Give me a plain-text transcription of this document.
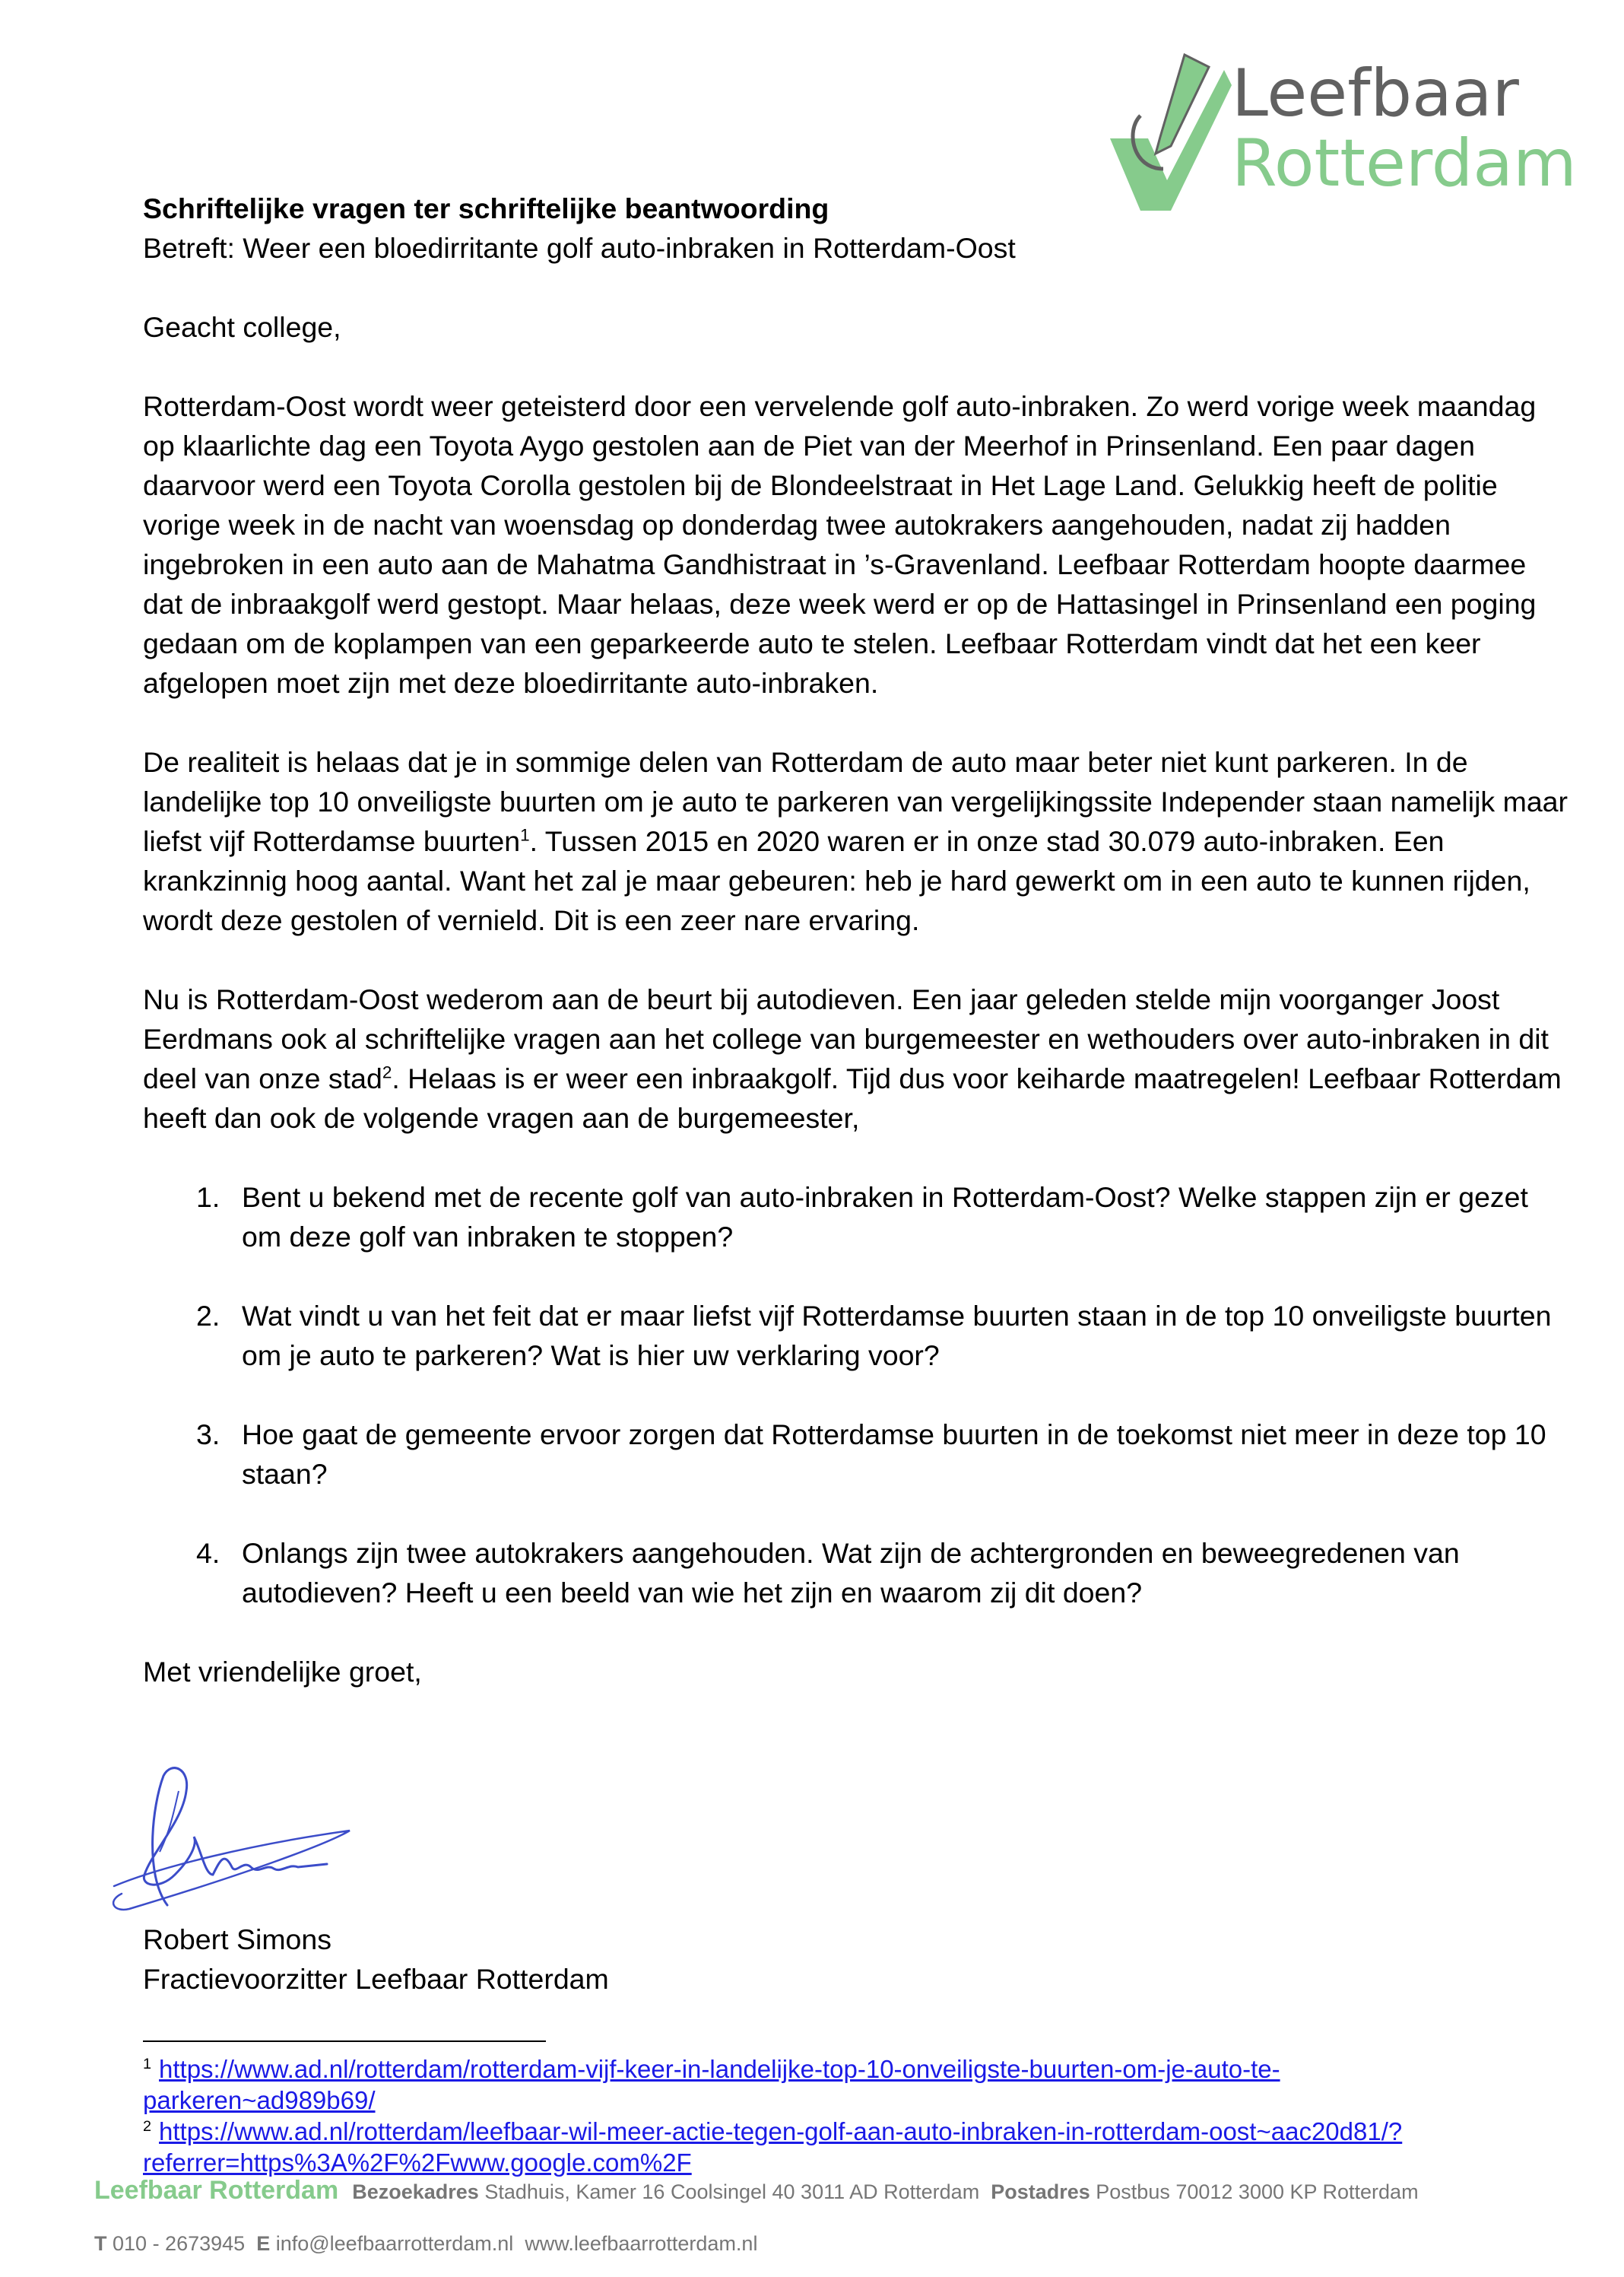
Leefbaar
Rotterdam

Schriftelijke vragen ter schriftelijke beantwoording

Betreft: Weer een bloedirritante golf auto-inbraken in Rotterdam-Oost

Geacht college,

Rotterdam-Oost wordt weer geteisterd door een vervelende golf auto-inbraken. Zo werd vorige week maandag op klaarlichte dag een Toyota Aygo gestolen aan de Piet van der Meerhof in Prinsenland. Een paar dagen daarvoor werd een Toyota Corolla gestolen bij de Blondeelstraat in Het Lage Land. Gelukkig heeft de politie vorige week in de nacht van woensdag op donderdag twee autokrakers aangehouden, nadat zij hadden ingebroken in een auto aan de Mahatma Gandhistraat in ’s-Gravenland. Leefbaar Rotterdam hoopte daarmee dat de inbraakgolf werd gestopt. Maar helaas, deze week werd er op de Hattasingel in Prinsenland een poging gedaan om de koplampen van een geparkeerde auto te stelen. Leefbaar Rotterdam vindt dat het een keer afgelopen moet zijn met deze bloedirritante auto-inbraken.

De realiteit is helaas dat je in sommige delen van Rotterdam de auto maar beter niet kunt parkeren. In de landelijke top 10 onveiligste buurten om je auto te parkeren van vergelijkingssite Independer staan namelijk maar liefst vijf Rotterdamse buurten$^1$. Tussen 2015 en 2020 waren er in onze stad 30.079 auto-inbraken. Een krankzinnig hoog aantal. Want het zal je maar gebeuren: heb je hard gewerkt om in een auto te kunnen rijden, wordt deze gestolen of vernield. Dit is een zeer nare ervaring.

Nu is Rotterdam-Oost wederom aan de beurt bij autodieven. Een jaar geleden stelde mijn voorganger Joost Eerdmans ook al schriftelijke vragen aan het college van burgemeester en wethouders over auto-inbraken in dit deel van onze stad$^2$. Helaas is er weer een inbraakgolf. Tijd dus voor keiharde maatregelen! Leefbaar Rotterdam heeft dan ook de volgende vragen aan de burgemeester,

1. Bent u bekend met de recente golf van auto-inbraken in Rotterdam-Oost? Welke stappen zijn er gezet om deze golf van inbraken te stoppen?
2. Wat vindt u van het feit dat er maar liefst vijf Rotterdamse buurten staan in de top 10 onveiligste buurten om je auto te parkeren? Wat is hier uw verklaring voor?
3. Hoe gaat de gemeente ervoor zorgen dat Rotterdamse buurten in de toekomst niet meer in deze top 10 staan?
4. Onlangs zijn twee autokrakers aangehouden. Wat zijn de achtergronden en beweegredenen van autodieven? Heeft u een beeld van wie het zijn en waarom zij dit doen?

Met vriendelijke groet,

Robert Simons

Fractievoorzitter Leefbaar Rotterdam

$^1$ https://www.ad.nl/rotterdam/rotterdam-vijf-keer-in-landelijke-top-10-onveiligste-buurten-om-je-auto-te-parkeren~ad989b69/

$^2$ https://www.ad.nl/rotterdam/leefbaar-wil-meer-actie-tegen-golf-aan-auto-inbraken-in-rotterdam-oost~aac20d81/?referrer=https%3A%2F%2Fwww.google.com%2F

Leefbaar Rotterdam Bezoekadres Stadhuis, Kamer 16 Coolsingel 40 3011 AD Rotterdam Postadres Postbus 70012 3000 KP Rotterdam
T 010 - 2673945 E info@leefbaarrotterdam.nl www.leefbaarrotterdam.nl
